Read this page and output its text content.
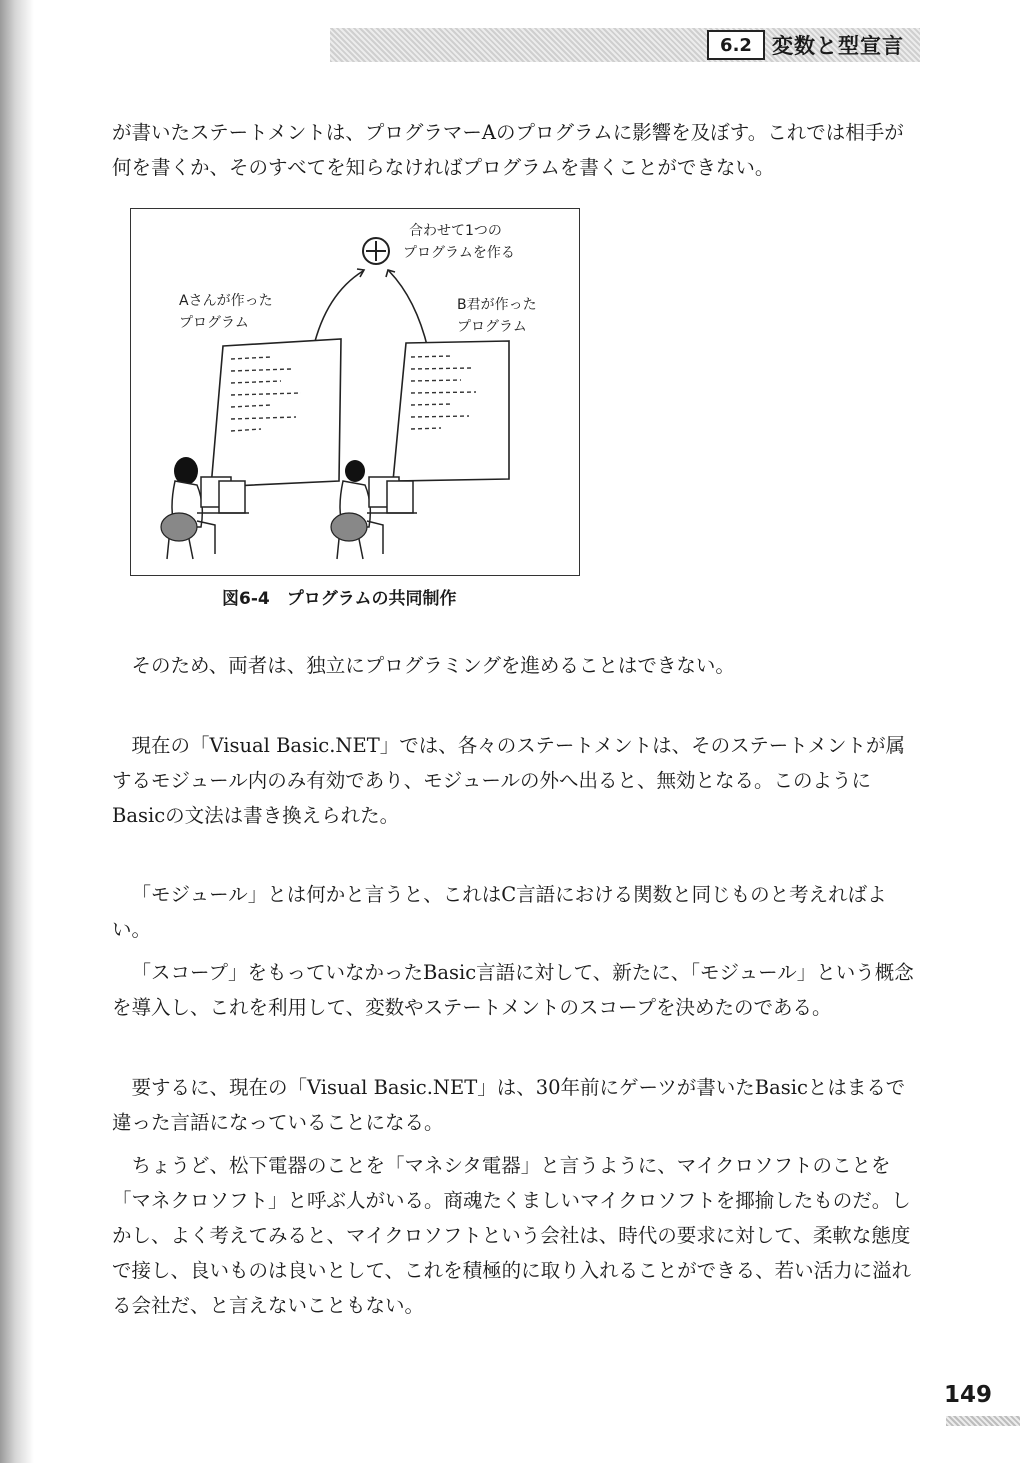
6.2 変数と型宣言

が書いたステートメントは、プログラマーAのプログラムに影響を及ぼす。これでは相手が何を書くか、そのすべてを知らなければプログラムを書くことができない。

合わせて1つの
プログラムを作る
Aさんが作った
プログラム
B君が作った
プログラム
図6-4　プログラムの共同制作

そのため、両者は、独立にプログラミングを進めることはできない。

現在の「Visual Basic.NET」では、各々のステートメントは、そのステートメントが属するモジュール内のみ有効であり、モジュールの外へ出ると、無効となる。このようにBasicの文法は書き換えられた。

「モジュール」とは何かと言うと、これはC言語における関数と同じものと考えればよい。

「スコープ」をもっていなかったBasic言語に対して、新たに、「モジュール」という概念を導入し、これを利用して、変数やステートメントのスコープを決めたのである。

要するに、現在の「Visual Basic.NET」は、30年前にゲーツが書いたBasicとはまるで違った言語になっていることになる。

ちょうど、松下電器のことを「マネシタ電器」と言うように、マイクロソフトのことを「マネクロソフト」と呼ぶ人がいる。商魂たくましいマイクロソフトを揶揄したものだ。しかし、よく考えてみると、マイクロソフトという会社は、時代の要求に対して、柔軟な態度で接し、良いものは良いとして、これを積極的に取り入れることができる、若い活力に溢れる会社だ、と言えないこともない。

149
